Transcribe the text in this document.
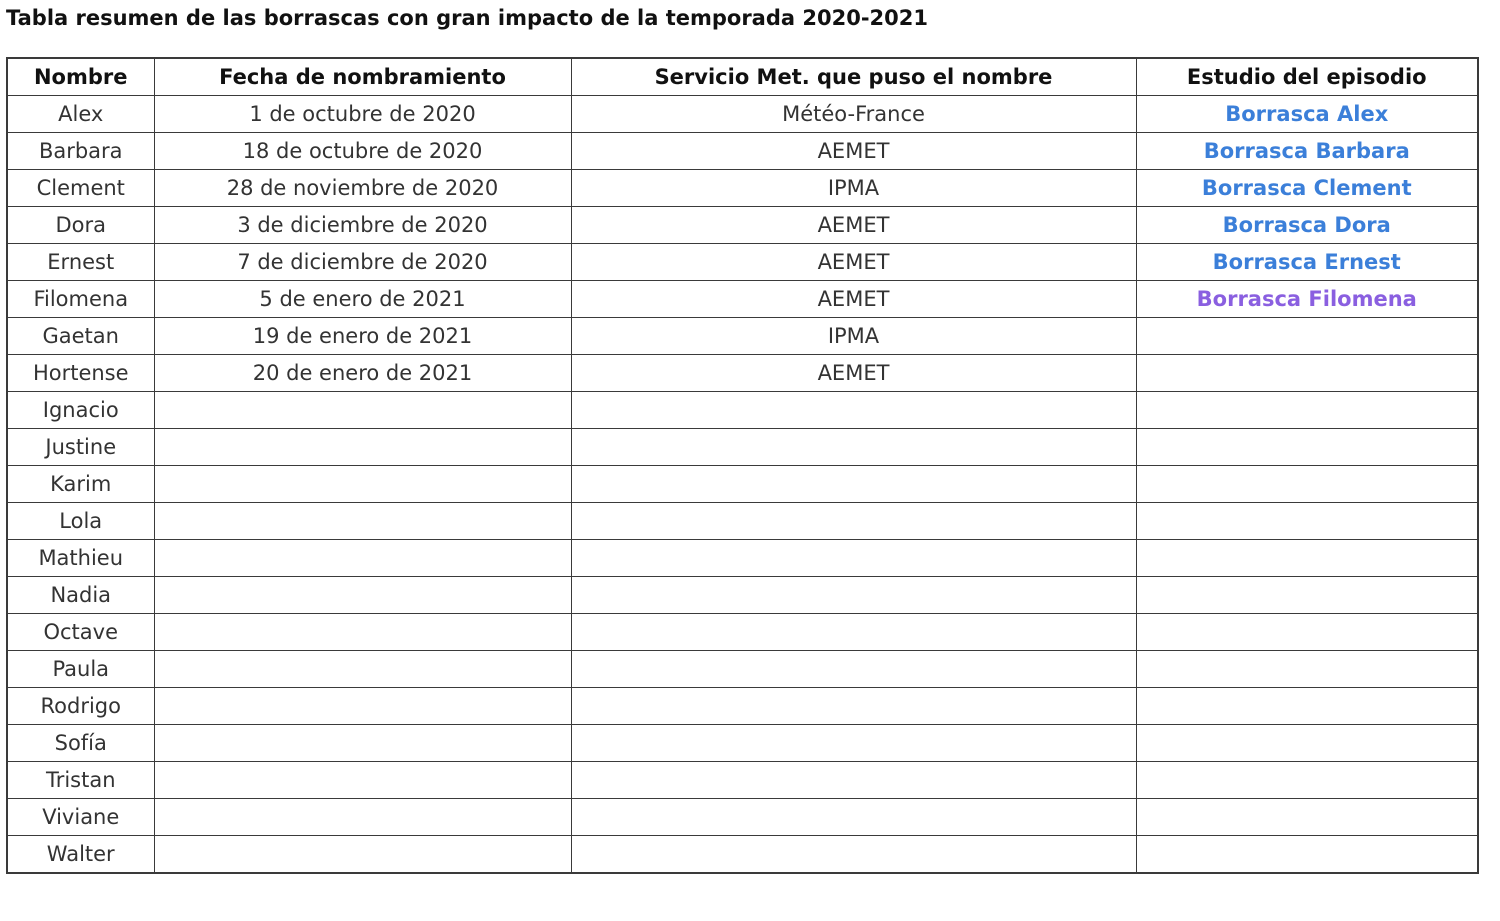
Tabla resumen de las borrascas con gran impacto de la temporada 2020-2021
Nombre	Fecha de nombramiento	Servicio Met. que puso el nombre	Estudio del episodio
Alex	1 de octubre de 2020	Météo-France	Borrasca Alex
Barbara	18 de octubre de 2020	AEMET	Borrasca Barbara
Clement	28 de noviembre de 2020	IPMA	Borrasca Clement
Dora	3 de diciembre de 2020	AEMET	Borrasca Dora
Ernest	7 de diciembre de 2020	AEMET	Borrasca Ernest
Filomena	5 de enero de 2021	AEMET	Borrasca Filomena
Gaetan	19 de enero de 2021	IPMA	
Hortense	20 de enero de 2021	AEMET	
Ignacio			
Justine			
Karim			
Lola			
Mathieu			
Nadia			
Octave			
Paula			
Rodrigo			
Sofía			
Tristan			
Viviane			
Walter			
